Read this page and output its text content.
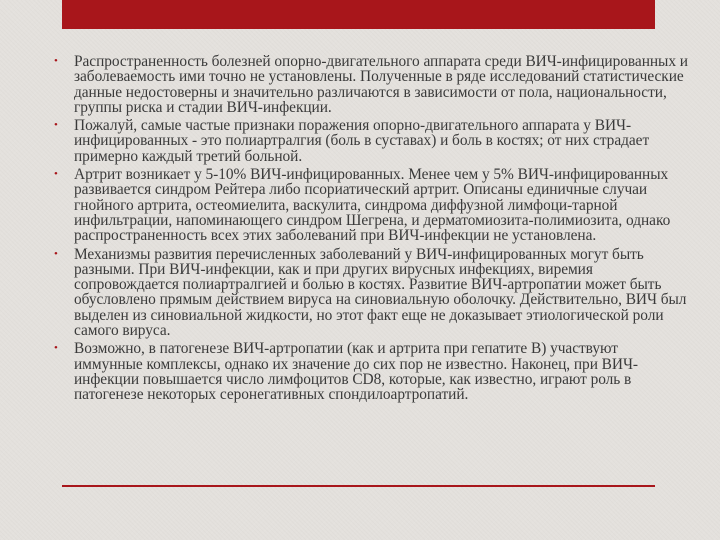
• Распространенность болезней опорно-двигательного аппарата среди ВИЧ-инфицированных и заболеваемость ими точно не установлены. Полученные в ряде исследований статистические данные недостоверны и значительно различаются в зависимости от пола, национальности, группы риска и стадии ВИЧ-инфекции.
• Пожалуй, самые частые признаки поражения опорно-двигательного аппарата у ВИЧ-инфицированных - это полиартралгия (боль в суставах) и боль в костях; от них страдает примерно каждый третий больной.
• Артрит возникает у 5-10% ВИЧ-инфицированных. Менее чем у 5% ВИЧ-инфицированных развивается синдром Рейтера либо псориатический артрит. Описаны единичные случаи гнойного артрита, остеомиелита, васкулита, синдрома диффузной лимфоци-тарной инфильтрации, напоминающего синдром Шегрена, и дерматомиозита-полимиозита, однако распространенность всех этих заболеваний при ВИЧ-инфекции не установлена.
• Механизмы развития перечисленных заболеваний у ВИЧ-инфицированных могут быть разными. При ВИЧ-инфекции, как и при других вирусных инфекциях, виремия сопровождается полиартралгией и болью в костях. Развитие ВИЧ-артропатии может быть обусловлено прямым действием вируса на синовиальную оболочку. Действительно, ВИЧ был выделен из синовиальной жидкости, но этот факт еще не доказывает этиологической роли самого вируса.
• Возможно, в патогенезе ВИЧ-артропатии (как и артрита при гепатите В) участвуют иммунные комплексы, однако их значение до сих пор не известно. Наконец, при ВИЧ-инфекции повышается число лимфоцитов CD8, которые, как известно, играют роль в патогенезе некоторых серонегативных спондилоартропатий.
